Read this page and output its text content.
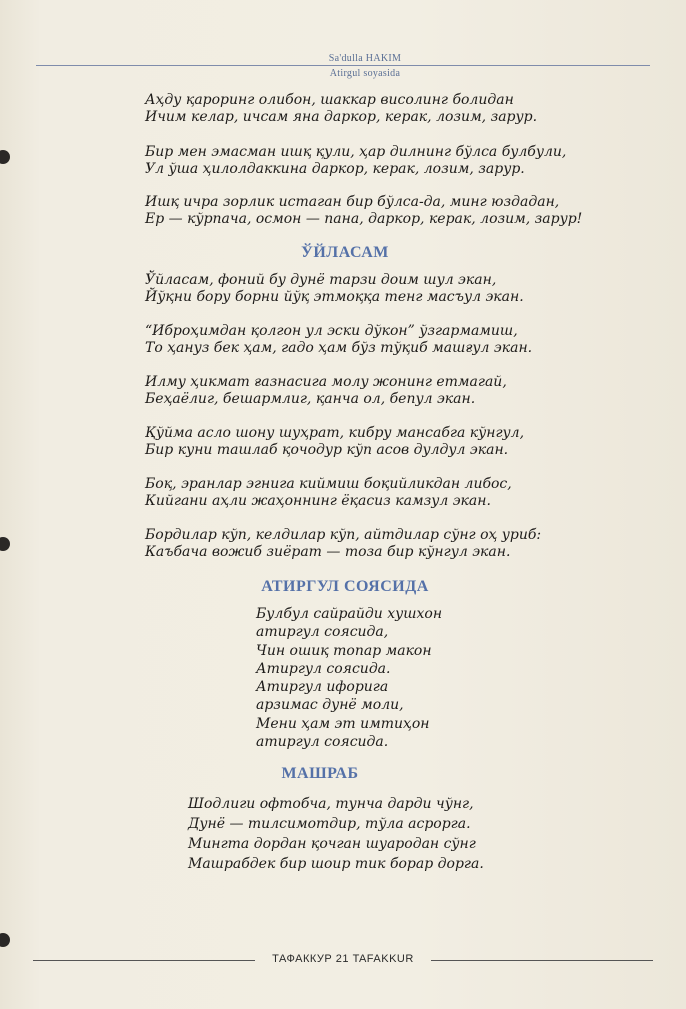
Sa'dulla HAKIM
Atirgul soyasida

Аҳду қароринг олибон, шаккар висолинг болидан

Ичим келар, ичсам яна даркор, керак, лозим, зарур.

Бир мен эмасман ишқ қули, ҳар дилнинг бўлса булбули,

Ул ўша ҳилолдаккина даркор, керак, лозим, зарур.

Ишқ ичра зорлик истаган бир бўлса-да, минг юздадан,

Ер — кўрпача, осмон — пана, даркор, керак, лозим, зарур!

ЎЙЛАСАМ

Ўйласам, фоний бу дунё тарзи доим шул экан,

Йўқни бору борни йўқ этмоққа тенг масъул экан.

“Иброҳимдан қолгон ул эски дўкон” ўзгармамиш,

То ҳануз бек ҳам, гадо ҳам бўз тўқиб машғул экан.

Илму ҳикмат ғазнасига молу жонинг етмагай,

Беҳаёлиг, бешармлиг, қанча ол, бепул экан.

Қўйма асло шону шуҳрат, кибру мансабга кўнгул,

Бир куни ташлаб қочодур кўп асов дулдул экан.

Боқ, эранлар эгнига киймиш боқийликдан либос,

Кийгани аҳли жаҳоннинг ёқасиз камзул экан.

Бордилар кўп, келдилар кўп, айтдилар сўнг оҳ уриб:

Каъбача вожиб зиёрат — тоза бир кўнгул экан.

АТИРГУЛ СОЯСИДА

Булбул сайрайди хушхон

атиргул соясида,

Чин ошиқ топар макон

Атиргул соясида.

Атиргул ифорига

арзимас дунё моли,

Мени ҳам эт имтиҳон

атиргул соясида.

МАШРАБ

Шодлиги офтобча, тунча дарди чўнг,

Дунё — тилсимотдир, тўла асрорга.

Мингта дордан қочган шуародан сўнг

Машрабдек бир шоир тик борар дорга.

ТАФАККУР 21 TAFAKKUR
